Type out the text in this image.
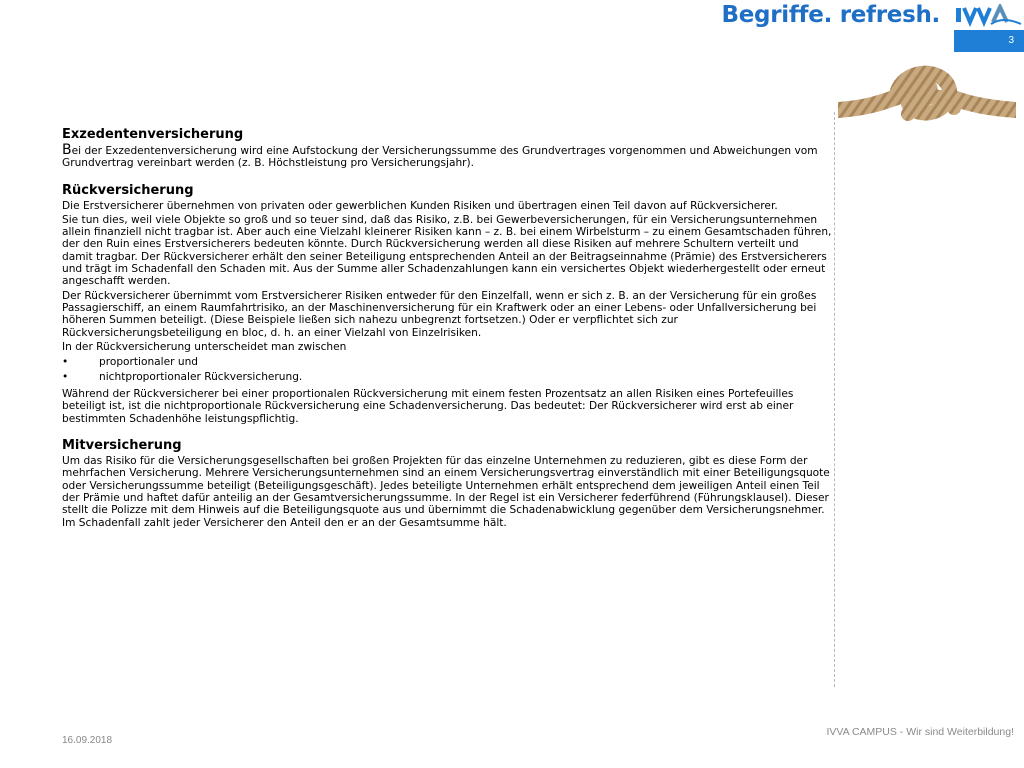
Begriffe. refresh.
3
Exzedentenversicherung

Bei der Exzedentenversicherung wird eine Aufstockung der Versicherungssumme des Grundvertrages vorgenommen und Abweichungen vom Grundvertrag vereinbart werden (z. B. Höchstleistung pro Versicherungsjahr).

Rückversicherung

Die Erstversicherer übernehmen von privaten oder gewerblichen Kunden Risiken und übertragen einen Teil davon auf Rückversicherer.

Sie tun dies, weil viele Objekte so groß und so teuer sind, daß das Risiko, z.B. bei Gewerbeversicherungen, für ein Versicherungsunternehmen allein finanziell nicht tragbar ist. Aber auch eine Vielzahl kleinerer Risiken kann – z. B. bei einem Wirbelsturm – zu einem Gesamtschaden führen, der den Ruin eines Erstversicherers bedeuten könnte. Durch Rückversicherung werden all diese Risiken auf mehrere Schultern verteilt und damit tragbar. Der Rückversicherer erhält den seiner Beteiligung entsprechenden Anteil an der Beitragseinnahme (Prämie) des Erstversicherers und trägt im Schadenfall den Schaden mit. Aus der Summe aller Schadenzahlungen kann ein versichertes Objekt wiederhergestellt oder erneut angeschafft werden.

Der Rückversicherer übernimmt vom Erstversicherer Risiken entweder für den Einzelfall, wenn er sich z. B. an der Versicherung für ein großes Passagierschiff, an einem Raumfahrtrisiko, an der Maschinenversicherung für ein Kraftwerk oder an einer Lebens- oder Unfallversicherung bei höheren Summen beteiligt. (Diese Beispiele ließen sich nahezu unbegrenzt fortsetzen.) Oder er verpflichtet sich zur Rückversicherungsbeteiligung en bloc, d. h. an einer Vielzahl von Einzelrisiken.

In der Rückversicherung unterscheidet man zwischen

•	proportionaler und
•	nichtproportionaler Rückversicherung.

Während der Rückversicherer bei einer proportionalen Rückversicherung mit einem festen Prozentsatz an allen Risiken eines Portefeuilles beteiligt ist, ist die nichtproportionale Rückversicherung eine Schadenversicherung. Das bedeutet: Der Rückversicherer wird erst ab einer bestimmten Schadenhöhe leistungspflichtig.

Mitversicherung

Um das Risiko für die Versicherungsgesellschaften bei großen Projekten für das einzelne Unternehmen zu reduzieren, gibt es diese Form der mehrfachen Versicherung. Mehrere Versicherungsunternehmen sind an einem Versicherungsvertrag einverständlich mit einer Beteiligungsquote oder Versicherungssumme beteiligt (Beteiligungsgeschäft). Jedes beteiligte Unternehmen erhält entsprechend dem jeweiligen Anteil einen Teil der Prämie und haftet dafür anteilig an der Gesamtversicherungssumme. In der Regel ist ein Versicherer federführend (Führungsklausel). Dieser stellt die Polizze mit dem Hinweis auf die Beteiligungsquote aus und übernimmt die Schadenabwicklung gegenüber dem Versicherungsnehmer. Im Schadenfall zahlt jeder Versicherer den Anteil den er an der Gesamtsumme hält.

16.09.2018
IVVA CAMPUS - Wir sind Weiterbildung!
